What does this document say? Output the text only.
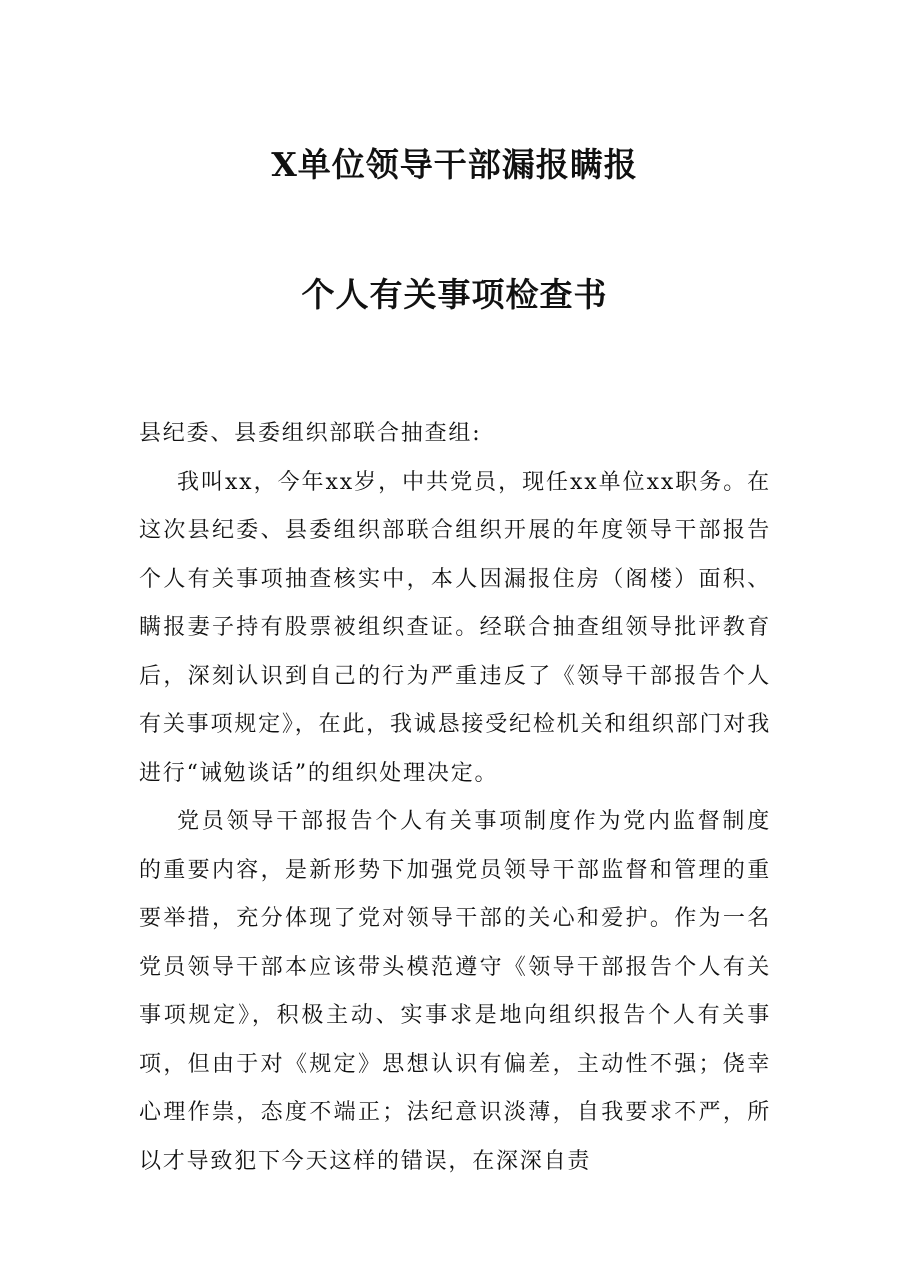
X单位领导干部漏报瞒报
个人有关事项检查书

县纪委、县委组织部联合抽查组:

我叫xx，今年xx岁，中共党员，现任xx单位xx职务。在这次县纪委、县委组织部联合组织开展的年度领导干部报告个人有关事项抽查核实中，本人因漏报住房（阁楼）面积、瞒报妻子持有股票被组织查证。经联合抽查组领导批评教育后，深刻认识到自己的行为严重违反了《领导干部报告个人有关事项规定》，在此，我诚恳接受纪检机关和组织部门对我进行“诫勉谈话”的组织处理决定。

党员领导干部报告个人有关事项制度作为党内监督制度的重要内容，是新形势下加强党员领导干部监督和管理的重要举措，充分体现了党对领导干部的关心和爱护。作为一名党员领导干部本应该带头模范遵守《领导干部报告个人有关事项规定》，积极主动、实事求是地向组织报告个人有关事项，但由于对《规定》思想认识有偏差，主动性不强；侥幸心理作祟，态度不端正；法纪意识淡薄，自我要求不严，所以才导致犯下今天这样的错误，在深深自责
